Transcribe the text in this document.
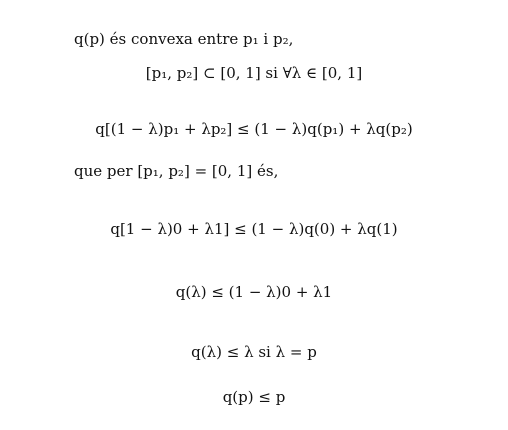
q(p) és convexa entre p₁ i p₂,
[p₁, p₂] ⊂ [0, 1] si ∀λ ∈ [0, 1]
q[(1 − λ)p₁ + λp₂] ≤ (1 − λ)q(p₁) + λq(p₂)
que per [p₁, p₂] = [0, 1] és,
q[1 − λ)0 + λ1] ≤ (1 − λ)q(0) + λq(1)
q(λ) ≤ (1 − λ)0 + λ1
q(λ) ≤ λ si λ = p
q(p) ≤ p
